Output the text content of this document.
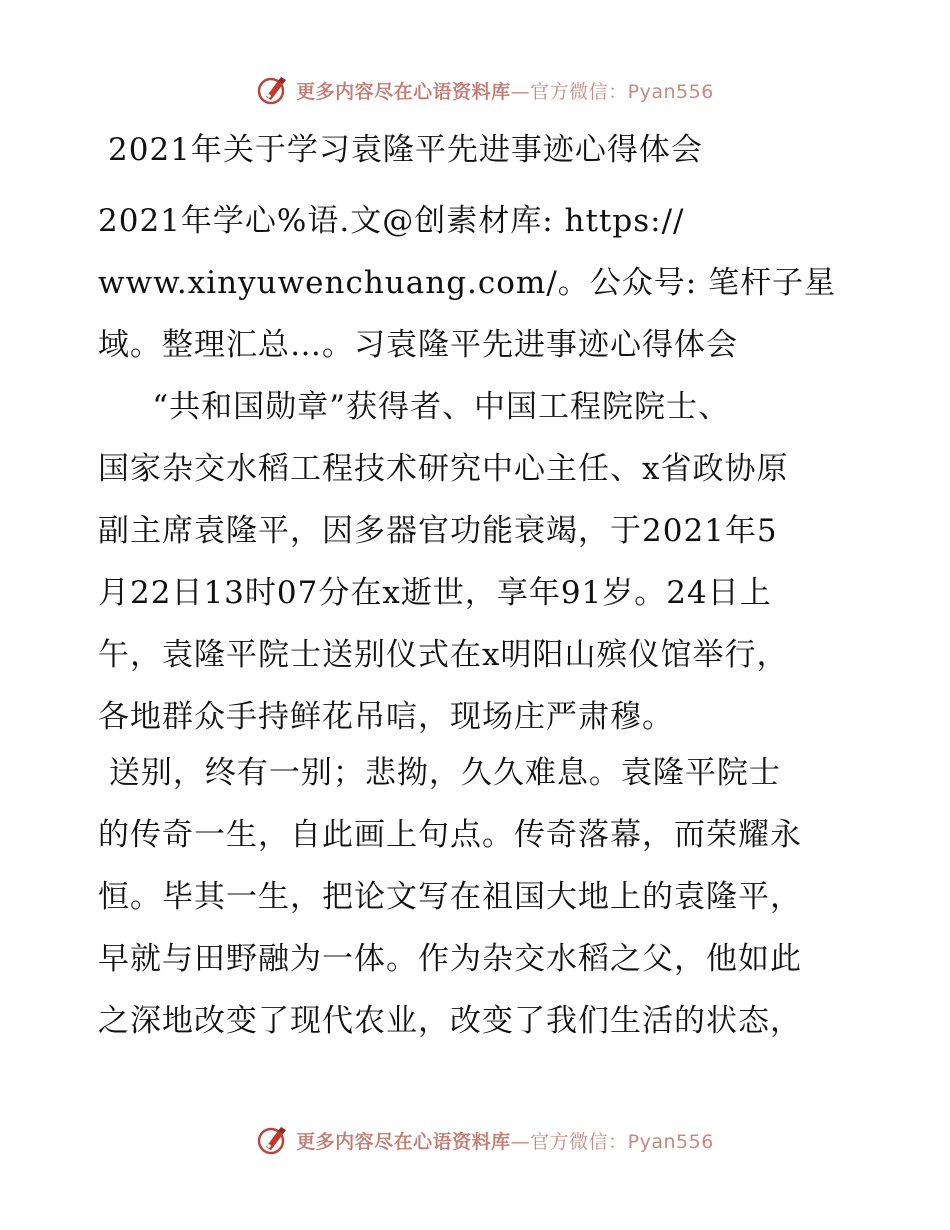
更多内容尽在心语资料库—官方微信：Pyan556
2021年关于学习袁隆平先进事迹心得体会

2021年学心%语.文@创素材库: https://
www.xinyuwenchuang.com/。公众号: 笔杆子星
域。整理汇总…。习袁隆平先进事迹心得体会

“共和国勋章”获得者、中国工程院院士、
国家杂交水稻工程技术研究中心主任、x省政协原
副主席袁隆平，因多器官功能衰竭，于2021年5
月22日13时07分在x逝世，享年91岁。24日上
午，袁隆平院士送别仪式在x明阳山殡仪馆举行，
各地群众手持鲜花吊唁，现场庄严肃穆。

送别，终有一别；悲拗，久久难息。袁隆平院士
的传奇一生，自此画上句点。传奇落幕，而荣耀永
恒。毕其一生，把论文写在祖国大地上的袁隆平，
早就与田野融为一体。作为杂交水稻之父，他如此
之深地改变了现代农业，改变了我们生活的状态，

更多内容尽在心语资料库—官方微信：Pyan556
